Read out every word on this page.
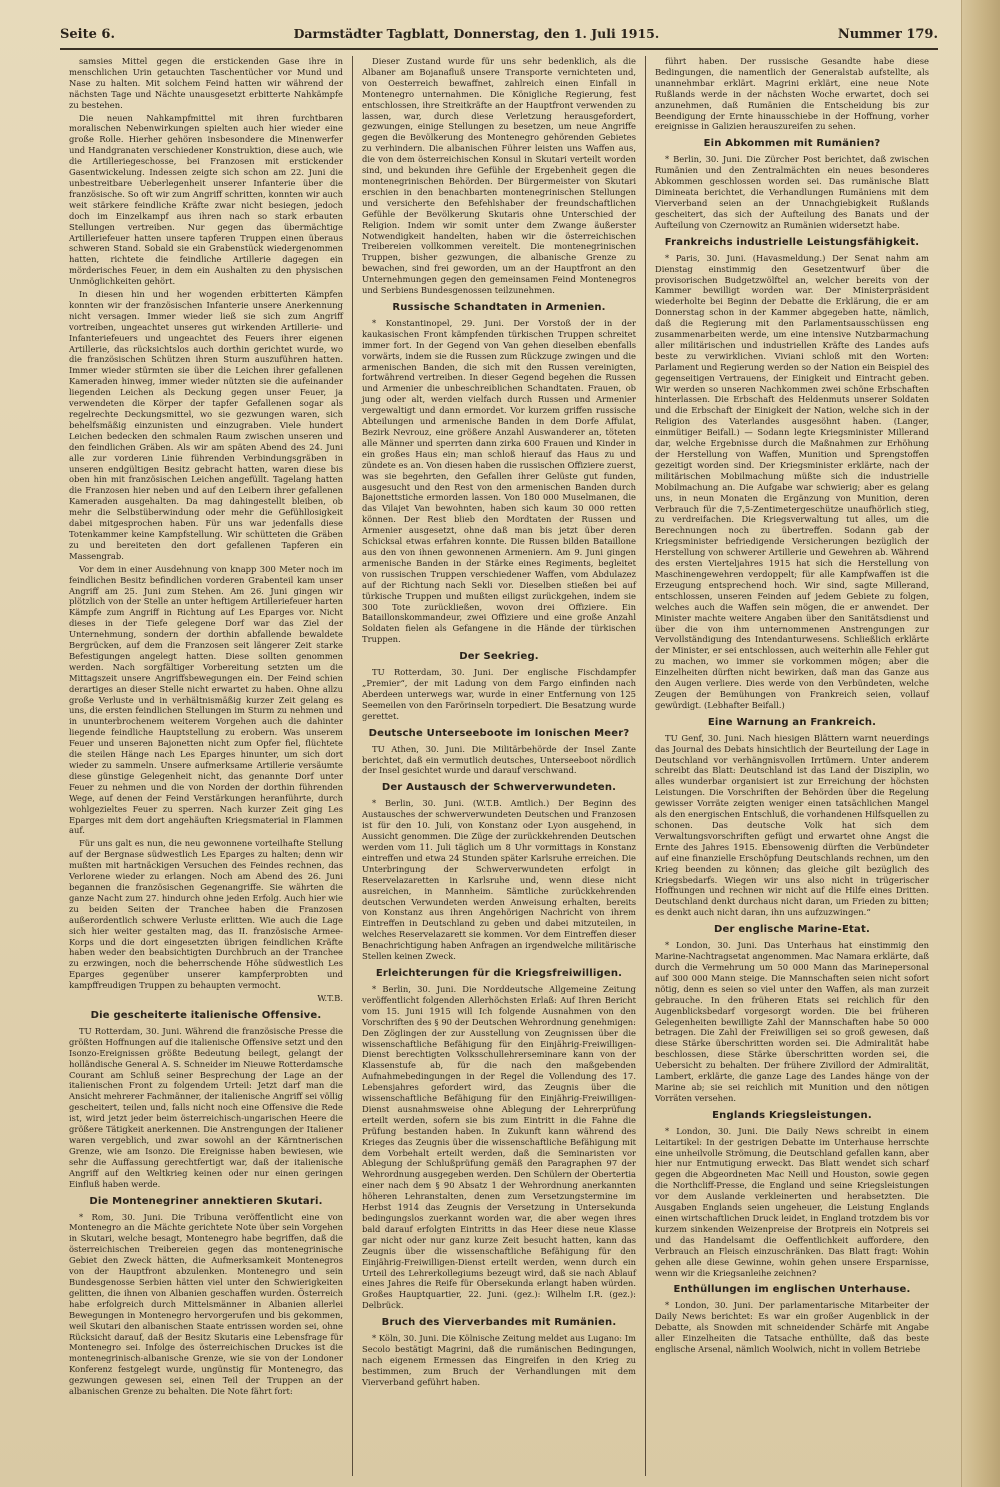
Seite 6.	Darmstädter Tagblatt, Donnerstag, den 1. Juli 1915.	Nummer 179.

samsies Mittel gegen die erstickenden Gase ihre in menschlichen Urin getauchten Taschentücher vor Mund und Nase zu halten. Mit solchem Feind hatten wir während der nächsten Tage und Nächte unausgesetzt erbitterte Nahkämpfe zu bestehen.

Die neuen Nahkampfmittel mit ihren furchtbaren moralischen Nebenwirkungen spielten auch hier wieder eine große Rolle. Hierher gehören insbesondere die Minenwerfer und Handgranaten verschiedener Konstruktion, diese auch, wie die Artilleriegeschosse, bei Franzosen mit erstickender Gasentwickelung. Indessen zeigte sich schon am 22. Juni die unbestreitbare Ueberlegenheit unserer Infanterie über die französische. So oft wir zum Angriff schritten, konnten wir auch weit stärkere feindliche Kräfte zwar nicht besiegen, jedoch doch im Einzelkampf aus ihren nach so stark erbauten Stellungen vertreiben. Nur gegen das übermächtige Artilleriefeuer hatten unsere tapferen Truppen einen überaus schweren Stand. Sobald sie ein Grabenstück wiedergenommen hatten, richtete die feindliche Artillerie dagegen ein mörderisches Feuer, in dem ein Aushalten zu den physischen Unmöglichkeiten gehört.

In diesen hin und her wogenden erbitterten Kämpfen konnten wir der französischen Infanterie unsere Anerkennung nicht versagen. Immer wieder ließ sie sich zum Angriff vortreiben, ungeachtet unseres gut wirkenden Artillerie- und Infanteriefeuers und ungeachtet des Feuers ihrer eigenen Artillerie, das rücksichtslos auch dorthin gerichtet wurde, wo die französischen Schützen ihren Sturm auszuführen hatten. Immer wieder stürmten sie über die Leichen ihrer gefallenen Kameraden hinweg, immer wieder nützten sie die aufeinander liegenden Leichen als Deckung gegen unser Feuer, ja verwendeten die Körper der tapfer Gefallenen sogar als regelrechte Deckungsmittel, wo sie gezwungen waren, sich behelfsmäßig einzunisten und einzugraben. Viele hundert Leichen bedecken den schmalen Raum zwischen unseren und den feindlichen Gräben. Als wir am späten Abend des 24. Juni alle zur vorderen Linie führenden Verbindungsgräben in unseren endgültigen Besitz gebracht hatten, waren diese bis oben hin mit französischen Leichen angefüllt. Tagelang hatten die Franzosen hier neben und auf den Leibern ihrer gefallenen Kameraden ausgehalten. Da mag dahingestellt bleiben, ob mehr die Selbstüberwindung oder mehr die Gefühllosigkeit dabei mitgesprochen haben. Für uns war jedenfalls diese Totenkammer keine Kampfstellung. Wir schütteten die Gräben zu und bereiteten den dort gefallenen Tapferen ein Massengrab.

Vor dem in einer Ausdehnung von knapp 300 Meter noch im feindlichen Besitz befindlichen vorderen Grabenteil kam unser Angriff am 25. Juni zum Stehen. Am 26. Juni gingen wir plötzlich von der Stelle an unter heftigem Artilleriefeuer harten Kämpfe zum Angriff in Richtung auf Les Eparges vor. Nicht dieses in der Tiefe gelegene Dorf war das Ziel der Unternehmung, sondern der dorthin abfallende bewaldete Bergrücken, auf dem die Franzosen seit längerer Zeit starke Befestigungen angelegt hatten. Diese sollten genommen werden. Nach sorgfältiger Vorbereitung setzten um die Mittagszeit unsere Angriffsbewegungen ein. Der Feind schien derartiges an dieser Stelle nicht erwartet zu haben. Ohne allzu große Verluste und in verhältnismäßig kurzer Zeit gelang es uns, die ersten feindlichen Stellungen im Sturm zu nehmen und in ununterbrochenem weiterem Vorgehen auch die dahinter liegende feindliche Hauptstellung zu erobern. Was unserem Feuer und unseren Bajonetten nicht zum Opfer fiel, flüchtete die steilen Hänge nach Les Eparges hinunter, um sich dort wieder zu sammeln. Unsere aufmerksame Artillerie versäumte diese günstige Gelegenheit nicht, das genannte Dorf unter Feuer zu nehmen und die von Norden der dorthin führenden Wege, auf denen der Feind Verstärkungen heranführte, durch wohlgezieltes Feuer zu sperren. Nach kurzer Zeit ging Les Eparges mit dem dort angehäuften Kriegsmaterial in Flammen auf.

Für uns galt es nun, die neu gewonnene vorteilhafte Stellung auf der Bergnase südwestlich Les Eparges zu halten; denn wir mußten mit hartnäckigen Versuchen des Feindes rechnen, das Verlorene wieder zu erlangen. Noch am Abend des 26. Juni begannen die französischen Gegenangriffe. Sie währten die ganze Nacht zum 27. hindurch ohne jeden Erfolg. Auch hier wie zu beiden Seiten der Tranchee haben die Franzosen außerordentlich schwere Verluste erlitten. Wie auch die Lage sich hier weiter gestalten mag, das II. französische Armee-Korps und die dort eingesetzten übrigen feindlichen Kräfte haben weder den beabsichtigten Durchbruch an der Tranchee zu erzwingen, noch die beherrschende Höhe südwestlich Les Eparges gegenüber unserer kampferprobten und kampffreudigen Truppen zu behaupten vermocht.

W.T.B.

Die gescheiterte italienische Offensive.

TU Rotterdam, 30. Juni. Während die französische Presse die größten Hoffnungen auf die italienische Offensive setzt und den Isonzo-Ereignissen größte Bedeutung beilegt, gelangt der holländische General A. S. Schneider im Nieuwe Rotterdamsche Courant am Schluß seiner Besprechung der Lage an der italienischen Front zu folgendem Urteil: Jetzt darf man die Ansicht mehrerer Fachmänner, der italienische Angriff sei völlig gescheitert, teilen und, falls nicht noch eine Offensive die Rede ist, wird jetzt jeder beim österreichisch-ungarischen Heere die größere Tätigkeit anerkennen. Die Anstrengungen der Italiener waren vergeblich, und zwar sowohl an der Kärntnerischen Grenze, wie am Isonzo. Die Ereignisse haben bewiesen, wie sehr die Auffassung gerechtfertigt war, daß der italienische Angriff auf den Weltkrieg keinen oder nur einen geringen Einfluß haben werde.

Die Montenegriner annektieren Skutari.

* Rom, 30. Juni. Die Tribuna veröffentlicht eine von Montenegro an die Mächte gerichtete Note über sein Vorgehen in Skutari, welche besagt, Montenegro habe begriffen, daß die österreichischen Treibereien gegen das montenegrinische Gebiet den Zweck hätten, die Aufmerksamkeit Montenegros von der Hauptfront abzulenken. Montenegro und sein Bundesgenosse Serbien hätten viel unter den Schwierigkeiten gelitten, die ihnen von Albanien geschaffen wurden. Österreich habe erfolgreich durch Mittelsmänner in Albanien allerlei Bewegungen in Montenegro hervorgerufen und bis gekommen, weil Skutari den albanischen Staate entrissen worden sei, ohne Rücksicht darauf, daß der Besitz Skutaris eine Lebensfrage für Montenegro sei. Infolge des österreichischen Druckes ist die montenegrinisch-albanische Grenze, wie sie von der Londoner Konferenz festgelegt wurde, ungünstig für Montenegro, das gezwungen gewesen sei, einen Teil der Truppen an der albanischen Grenze zu behalten. Die Note fährt fort:

Dieser Zustand wurde für uns sehr bedenklich, als die Albaner am Bojanafluß unsere Transporte vernichteten und, von Oesterreich bewaffnet, zahlreich einen Einfall in Montenegro unternahmen. Die Königliche Regierung, fest entschlossen, ihre Streitkräfte an der Hauptfront verwenden zu lassen, war, durch diese Verletzung herausgefordert, gezwungen, einige Stellungen zu besetzen, um neue Angriffe gegen die Bevölkerung des Montenegro gehörenden Gebietes zu verhindern. Die albanischen Führer leisten uns Waffen aus, die von dem österreichischen Konsul in Skutari verteilt worden sind, und bekunden ihre Gefühle der Ergebenheit gegen die montenegrinischen Behörden. Der Bürgermeister von Skutari erschien in den benachbarten montenegrinischen Stellungen und versicherte den Befehlshaber der freundschaftlichen Gefühle der Bevölkerung Skutaris ohne Unterschied der Religion. Indem wir somit unter dem Zwange äußerster Notwendigkeit handelten, haben wir die österreichischen Treibereien vollkommen vereitelt. Die montenegrinischen Truppen, bisher gezwungen, die albanische Grenze zu bewachen, sind frei geworden, um an der Hauptfront an den Unternehmungen gegen den gemeinsamen Feind Montenegros und Serbiens Bundesgenossen teilzunehmen.

Russische Schandtaten in Armenien.

* Konstantinopel, 29. Juni. Der Vorstoß der in der kaukasischen Front kämpfenden türkischen Truppen schreitet immer fort. In der Gegend von Van gehen dieselben ebenfalls vorwärts, indem sie die Russen zum Rückzuge zwingen und die armenischen Banden, die sich mit den Russen vereinigten, fortwährend vertreiben. In dieser Gegend begehen die Russen und Armenier die unbeschreiblichen Schandtaten. Frauen, ob jung oder alt, werden vielfach durch Russen und Armenier vergewaltigt und dann ermordet. Vor kurzem griffen russische Abteilungen und armenische Banden in dem Dorfe Affulat, Bezirk Nevrouz, eine größere Anzahl Auswanderer an, töteten alle Männer und sperrten dann zirka 600 Frauen und Kinder in ein großes Haus ein; man schloß hierauf das Haus zu und zündete es an. Von diesen haben die russischen Offiziere zuerst, was sie begehrten, den Gefallen ihrer Gelüste gut funden, ausgesucht und den Rest von den armenischen Banden durch Bajonettstiche ermorden lassen. Von 180 000 Muselmanen, die das Vilajet Van bewohnten, haben sich kaum 30 000 retten können. Der Rest blieb den Mordtaten der Russen und Armenier ausgesetzt, ohne daß man bis jetzt über deren Schicksal etwas erfahren konnte. Die Russen bilden Bataillone aus den von ihnen gewonnenen Armeniern. Am 9. Juni gingen armenische Banden in der Stärke eines Regiments, begleitet von russischen Truppen verschiedener Waffen, vom Abdulazez auf der Richtung nach Sekli vor. Dieselben stießen bei auf türkische Truppen und mußten eiligst zurückgehen, indem sie 300 Tote zurückließen, wovon drei Offiziere. Ein Bataillonskommandeur, zwei Offiziere und eine große Anzahl Soldaten fielen als Gefangene in die Hände der türkischen Truppen.

Der Seekrieg.

TU Rotterdam, 30. Juni. Der englische Fischdampfer „Premier“, der mit Ladung von dem Fargo einfinden nach Aberdeen unterwegs war, wurde in einer Entfernung von 125 Seemeilen von den Farörinseln torpediert. Die Besatzung wurde gerettet.

Deutsche Unterseeboote im Ionischen Meer?

TU Athen, 30. Juni. Die Militärbehörde der Insel Zante berichtet, daß ein vermutlich deutsches, Unterseeboot nördlich der Insel gesichtet wurde und darauf verschwand.

Der Austausch der Schwerverwundeten.

* Berlin, 30. Juni. (W.T.B. Amtlich.) Der Beginn des Austausches der schwerverwundeten Deutschen und Franzosen ist für den 10. Juli, von Konstanz oder Lyon ausgehend, in Aussicht genommen. Die Züge der zurückkehrenden Deutschen werden vom 11. Juli täglich um 8 Uhr vormittags in Konstanz eintreffen und etwa 24 Stunden später Karlsruhe erreichen. Die Unterbringung der Schwerverwundeten erfolgt in Reservelazaretten in Karlsruhe und, wenn diese nicht ausreichen, in Mannheim. Sämtliche zurückkehrenden deutschen Verwundeten werden Anweisung erhalten, bereits von Konstanz aus ihren Angehörigen Nachricht von ihrem Eintreffen in Deutschland zu geben und dabei mitzuteilen, in welches Reservelazarett sie kommen. Vor dem Eintreffen dieser Benachrichtigung haben Anfragen an irgendwelche militärische Stellen keinen Zweck.

Erleichterungen für die Kriegsfreiwilligen.

* Berlin, 30. Juni. Die Norddeutsche Allgemeine Zeitung veröffentlicht folgenden Allerhöchsten Erlaß: Auf Ihren Bericht vom 15. Juni 1915 will Ich folgende Ausnahmen von den Vorschriften des § 90 der Deutschen Wehrordnung genehmigen: Den Zöglingen der zur Ausstellung von Zeugnissen über die wissenschaftliche Befähigung für den Einjährig-Freiwilligen-Dienst berechtigten Volksschullehrerseminare kann von der Klassenstufe ab, für die nach den maßgebenden Aufnahmebedingungen in der Regel die Vollendung des 17. Lebensjahres gefordert wird, das Zeugnis über die wissenschaftliche Befähigung für den Einjährig-Freiwilligen-Dienst ausnahmsweise ohne Ablegung der Lehrerprüfung erteilt werden, sofern sie bis zum Eintritt in die Fahne die Prüfung bestanden haben. In Zukunft kann während des Krieges das Zeugnis über die wissenschaftliche Befähigung mit dem Vorbehalt erteilt werden, daß die Seminaristen vor Ablegung der Schlußprüfung gemäß den Paragraphen 97 der Wehrordnung ausgegeben werden. Den Schülern der Obertertia einer nach dem § 90 Absatz 1 der Wehrordnung anerkannten höheren Lehranstalten, denen zum Versetzungstermine im Herbst 1914 das Zeugnis der Versetzung in Untersekunda bedingungslos zuerkannt worden war, die aber wegen ihres bald darauf erfolgten Eintritts in das Heer diese neue Klasse gar nicht oder nur ganz kurze Zeit besucht hatten, kann das Zeugnis über die wissenschaftliche Befähigung für den Einjährig-Freiwilligen-Dienst erteilt werden, wenn durch ein Urteil des Lehrerkollegiums bezeugt wird, daß sie nach Ablauf eines Jahres die Reife für Obersekunda erlangt haben würden. Großes Hauptquartier, 22. Juni. (gez.): Wilhelm I.R. (gez.): Delbrück.

Bruch des Vierverbandes mit Rumänien.

* Köln, 30. Juni. Die Kölnische Zeitung meldet aus Lugano: Im Secolo bestätigt Magrini, daß die rumänischen Bedingungen, nach eigenem Ermessen das Eingreifen in den Krieg zu bestimmen, zum Bruch der Verhandlungen mit dem Vierverband geführt haben.

führt haben. Der russische Gesandte habe diese Bedingungen, die namentlich der Generalstab aufstellte, als unannehmbar erklärt. Magrini erklärt, eine neue Note Rußlands werde in der nächsten Woche erwartet, doch sei anzunehmen, daß Rumänien die Entscheidung bis zur Beendigung der Ernte hinausschiebe in der Hoffnung, vorher ereignisse in Galizien herauszureifen zu sehen.

Ein Abkommen mit Rumänien?

* Berlin, 30. Juni. Die Zürcher Post berichtet, daß zwischen Rumänien und den Zentralmächten ein neues besonderes Abkommen geschlossen worden sei. Das rumänische Blatt Dimineata berichtet, die Verhandlungen Rumäniens mit dem Vierverband seien an der Unnachgiebigkeit Rußlands gescheitert, das sich der Aufteilung des Banats und der Aufteilung von Czernowitz an Rumänien widersetzt habe.

Frankreichs industrielle Leistungsfähigkeit.

* Paris, 30. Juni. (Havasmeldung.) Der Senat nahm am Dienstag einstimmig den Gesetzentwurf über die provisorischen Budgetzwölftel an, welcher bereits von der Kammer bewilligt worden war. Der Ministerpräsident wiederholte bei Beginn der Debatte die Erklärung, die er am Donnerstag schon in der Kammer abgegeben hatte, nämlich, daß die Regierung mit den Parlamentsausschüssen eng zusammenarbeiten werde, um eine intensive Nutzbarmachung aller militärischen und industriellen Kräfte des Landes aufs beste zu verwirklichen. Viviani schloß mit den Worten: Parlament und Regierung werden so der Nation ein Beispiel des gegenseitigen Vertrauens, der Einigkeit und Eintracht geben. Wir werden so unseren Nachkommen zwei schöne Erbschaften hinterlassen. Die Erbschaft des Heldenmuts unserer Soldaten und die Erbschaft der Einigkeit der Nation, welche sich in der Religion des Vaterlandes ausgesöhnt haben. (Langer, einmütiger Beifall.) — Sodann legte Kriegsminister Millerand dar, welche Ergebnisse durch die Maßnahmen zur Erhöhung der Herstellung von Waffen, Munition und Sprengstoffen gezeitigt worden sind. Der Kriegsminister erklärte, nach der militärischen Mobilmachung müßte sich die industrielle Mobilmachung an. Die Aufgabe war schwierig; aber es gelang uns, in neun Monaten die Ergänzung von Munition, deren Verbrauch für die 7,5-Zentimetergeschütze unaufhörlich stieg, zu verdreifachen. Die Kriegsverwaltung tut alles, um die Berechnungen noch zu übertreffen. Sodann gab der Kriegsminister befriedigende Versicherungen bezüglich der Herstellung von schwerer Artillerie und Gewehren ab. Während des ersten Vierteljahres 1915 hat sich die Herstellung von Maschinengewehren verdoppelt; für alle Kampfwaffen ist die Erzeugung entsprechend hoch. Wir sind, sagte Millerand, entschlossen, unseren Feinden auf jedem Gebiete zu folgen, welches auch die Waffen sein mögen, die er anwendet. Der Minister machte weitere Angaben über den Sanitätsdienst und über die von ihm unternommenen Anstrengungen zur Vervollständigung des Intendanturwesens. Schließlich erklärte der Minister, er sei entschlossen, auch weiterhin alle Fehler gut zu machen, wo immer sie vorkommen mögen; aber die Einzelheiten dürften nicht bewirken, daß man das Ganze aus den Augen verliere. Dies werde von den Verbündeten, welche Zeugen der Bemühungen von Frankreich seien, vollauf gewürdigt. (Lebhafter Beifall.)

Eine Warnung an Frankreich.

TU Genf, 30. Juni. Nach hiesigen Blättern warnt neuerdings das Journal des Debats hinsichtlich der Beurteilung der Lage in Deutschland vor verhängnisvollen Irrtümern. Unter anderem schreibt das Blatt: Deutschland ist das Land der Disziplin, wo alles wunderbar organisiert ist zur Erreichung der höchsten Leistungen. Die Vorschriften der Behörden über die Regelung gewisser Vorräte zeigten weniger einen tatsächlichen Mangel als den energischen Entschluß, die vorhandenen Hilfsquellen zu schonen. Das deutsche Volk hat sich dem Verwaltungsvorschriften gefügt und erwartet ohne Angst die Ernte des Jahres 1915. Ebensowenig dürften die Verbündeter auf eine finanzielle Erschöpfung Deutschlands rechnen, um den Krieg beenden zu können; das gleiche gilt bezüglich des Kriegsbedarfs. Wiegen wir uns also nicht in trügerischer Hoffnungen und rechnen wir nicht auf die Hilfe eines Dritten. Deutschland denkt durchaus nicht daran, um Frieden zu bitten; es denkt auch nicht daran, ihn uns aufzuzwingen.“

Der englische Marine-Etat.

* London, 30. Juni. Das Unterhaus hat einstimmig den Marine-Nachtragsetat angenommen. Mac Namara erklärte, daß durch die Vermehrung um 50 000 Mann das Marinepersonal auf 300 000 Mann steige. Die Mannschaften seien nicht sofort nötig, denn es seien so viel unter den Waffen, als man zurzeit gebrauche. In den früheren Etats sei reichlich für den Augenblicksbedarf vorgesorgt worden. Die bei früheren Gelegenheiten bewilligte Zahl der Mannschaften habe 50 000 betragen. Die Zahl der Freiwilligen sei so groß gewesen, daß diese Stärke überschritten worden sei. Die Admiralität habe beschlossen, diese Stärke überschritten worden sei, die Uebersicht zu behalten. Der frühere Zivillord der Admiralität, Lambert, erklärte, die ganze Lage des Landes hänge von der Marine ab; sie sei reichlich mit Munition und den nötigen Vorräten versehen.

Englands Kriegsleistungen.

* London, 30. Juni. Die Daily News schreibt in einem Leitartikel: In der gestrigen Debatte im Unterhause herrschte eine unheilvolle Strömung, die Deutschland gefallen kann, aber hier nur Entmutigung erweckt. Das Blatt wendet sich scharf gegen die Abgeordneten Mac Neill und Houston, sowie gegen die Northcliff-Presse, die England und seine Kriegsleistungen vor dem Auslande verkleinerten und herabsetzten. Die Ausgaben Englands seien ungeheuer, die Leistung Englands einen wirtschaftlichen Druck leidet, in England trotzdem bis vor kurzem sinkenden Weizenpreise der Brotpreis ein Notpreis sei und das Handelsamt die Oeffentlichkeit auffordere, den Verbrauch an Fleisch einzuschränken. Das Blatt fragt: Wohin gehen alle diese Gewinne, wohin gehen unsere Ersparnisse, wenn wir die Kriegsanleihe zeichnen?

Enthüllungen im englischen Unterhause.

* London, 30. Juni. Der parlamentarische Mitarbeiter der Daily News berichtet: Es war ein großer Augenblick in der Debatte, als Snowden mit schneidender Schärfe mit Angabe aller Einzelheiten die Tatsache enthüllte, daß das beste englische Arsenal, nämlich Woolwich, nicht in vollem Betriebe
